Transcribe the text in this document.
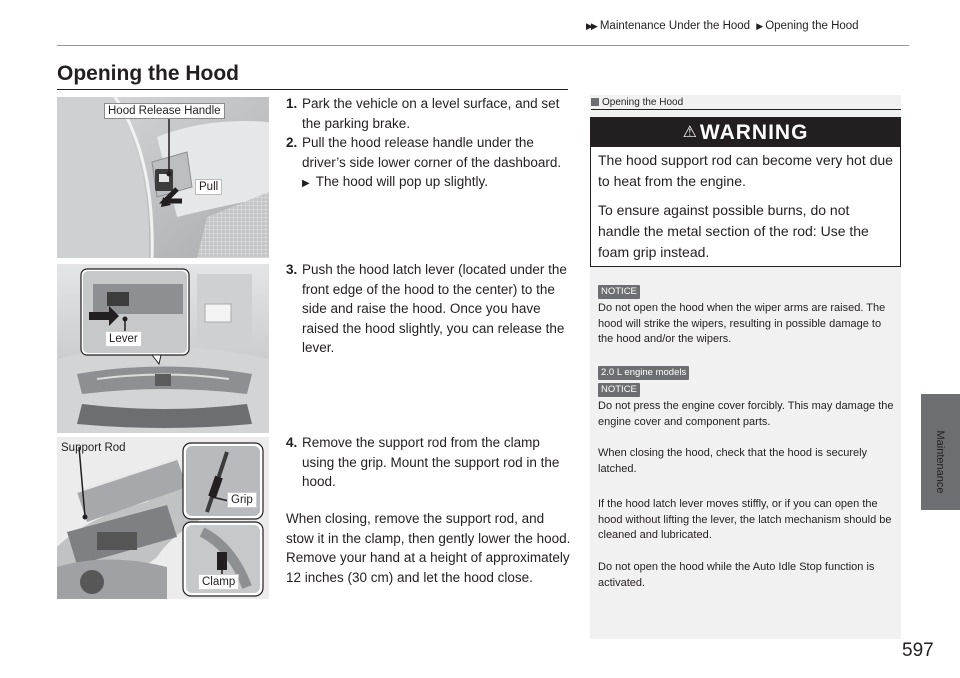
▶▶ Maintenance Under the Hood ▶ Opening the Hood
Maintenance
597
Opening the Hood
Hood Release Handle
Pull
Lever
Support Rod
Grip
Clamp
1. Park the vehicle on a level surface, and set the parking brake.
2. Pull the hood release handle under the driver’s side lower corner of the dashboard.
▶ The hood will pop up slightly.
3. Push the hood latch lever (located under the front edge of the hood to the center) to the side and raise the hood. Once you have raised the hood slightly, you can release the lever.
4. Remove the support rod from the clamp using the grip. Mount the support rod in the hood.
When closing, remove the support rod, and stow it in the clamp, then gently lower the hood. Remove your hand at a height of approximately 12 inches (30 cm) and let the hood close.
Opening the Hood
⚠WARNING
The hood support rod can become very hot due to heat from the engine.
To ensure against possible burns, do not handle the metal section of the rod: Use the foam grip instead.
NOTICE
Do not open the hood when the wiper arms are raised. The hood will strike the wipers, resulting in possible damage to the hood and/or the wipers.
2.0 L engine models
NOTICE
Do not press the engine cover forcibly. This may damage the engine cover and component parts.
When closing the hood, check that the hood is securely latched.
If the hood latch lever moves stiffly, or if you can open the hood without lifting the lever, the latch mechanism should be cleaned and lubricated.
Do not open the hood while the Auto Idle Stop function is activated.
